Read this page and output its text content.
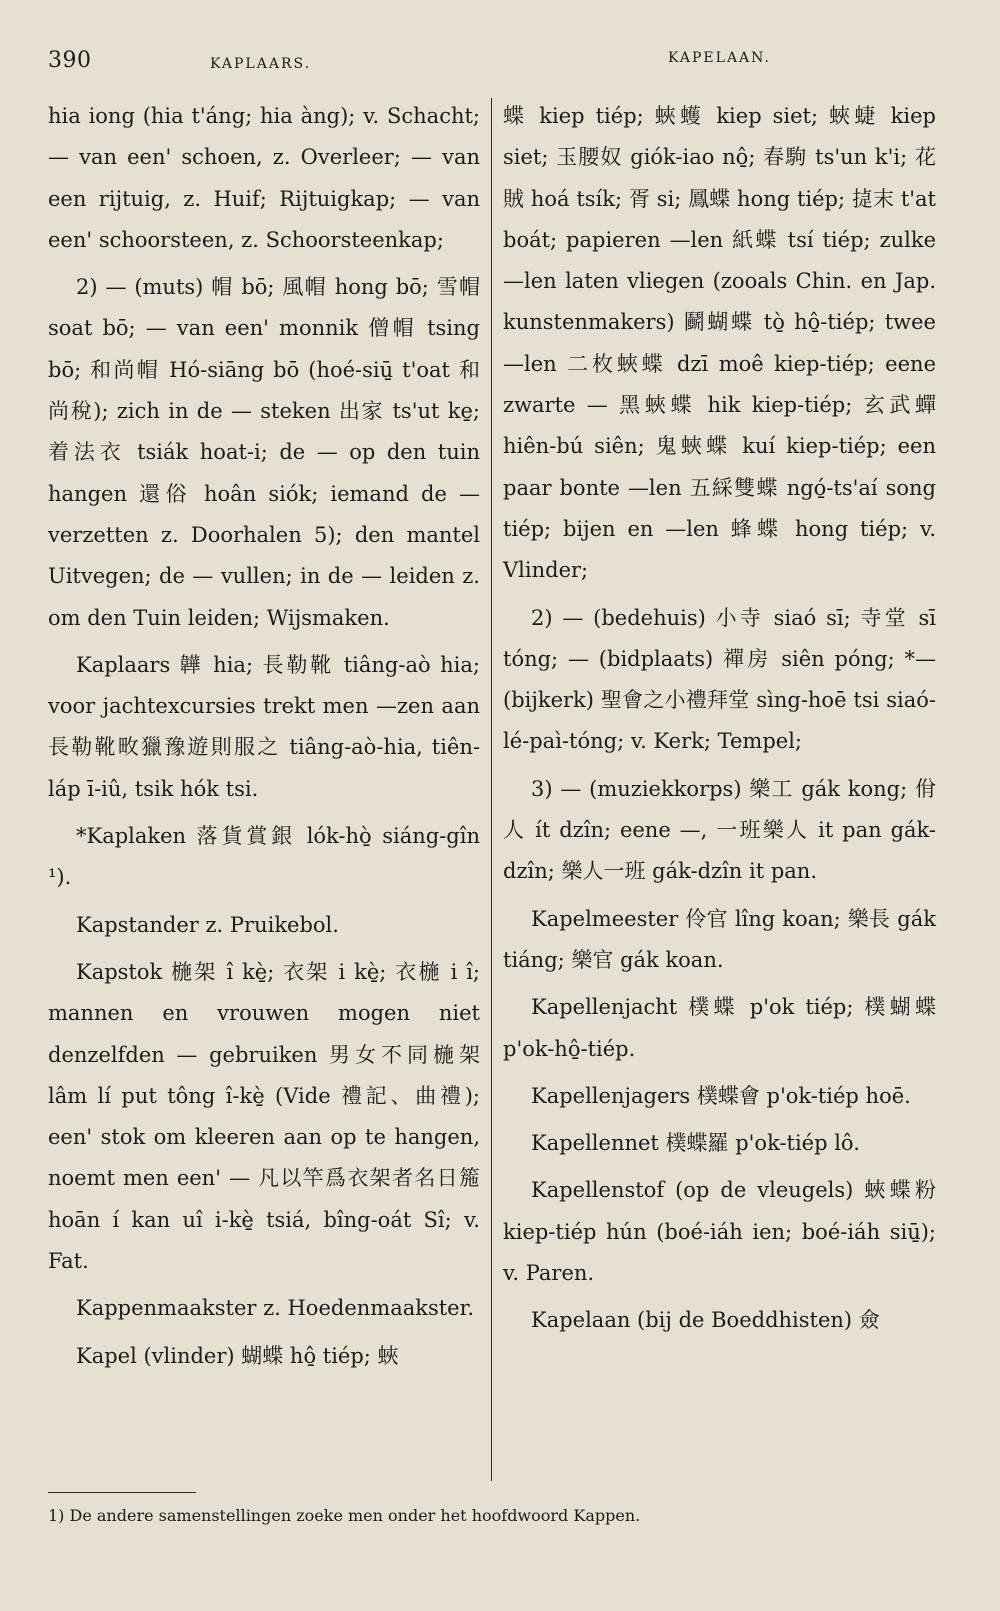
390	KAPLAARS.	KAPELAAN.

hia iong (hia t'áng; hia àng); v. Schacht; — van een' schoen, z. Overleer; — van een rijtuig, z. Huif; Rijtuigkap; — van een' schoorsteen, z. Schoorsteenkap;

2) — (muts) 帽 bō; 風帽 hong bō; 雪帽 soat bō; — van een' monnik 僧帽 tsing bō; 和尚帽 Hó-siāng bō (hoé-siū̱ t'oat 和尚稅); zich in de — steken 出家 ts'ut ke̱; 着法衣 tsiák hoat-i; de — op den tuin hangen 還俗 hoân siók; iemand de — verzetten z. Doorhalen 5); den mantel Uitvegen; de — vullen; in de — leiden z. om den Tuin leiden; Wijsmaken.

Kaplaars 韡 hia; 長勒靴 tiâng-aò hia; voor jachtexcursies trekt men —zen aan 長勒靴畋獵豫遊則服之 tiâng-aò-hia, tiên-láp ī-iû, tsik hók tsi.

*Kaplaken 落貨賞銀 lók-hò̱ siáng-gîn ¹).

Kapstander z. Pruikebol.

Kapstok 椸架 î kè̱; 衣架 i kè̱; 衣椸 i î; mannen en vrouwen mogen niet denzelfden — gebruiken 男女不同椸架 lâm lí put tông î-kè̱ (Vide 禮記、曲禮); een' stok om kleeren aan op te hangen, noemt men een' — 凡以竿爲衣架者名日箷 hoān í kan uî i-kè̱ tsiá, bîng-oát Sî; v. Fat.

Kappenmaakster z. Hoedenmaakster.

Kapel (vlinder) 蝴蝶 hô̱ tiép; 蛺

蝶 kiep tiép; 蛺蠖 kiep siet; 蛺蜨 kiep siet; 玉腰奴 giók-iao nô̱; 春駒 ts'un k'i; 花賊 hoá tsík; 胥 si; 鳳蝶 hong tiép; 㨗末 t'at boát; papieren —len 紙蝶 tsí tiép; zulke —len laten vliegen (zooals Chin. en Jap. kunstenmakers) 鬬蝴蝶 tò̱ hô̱-tiép; twee —len 二枚蛺蝶 dzī moê kiep-tiép; eene zwarte — 黑蛺蝶 hik kiep-tiép; 玄武蟬 hiên-bú siên; 鬼蛺蝶 kuí kiep-tiép; een paar bonte —len 五綵雙蝶 ngó̱-ts'aí song tiép; bijen en —len 蜂蝶 hong tiép; v. Vlinder;

2) — (bedehuis) 小寺 siaó sī; 寺堂 sī tóng; — (bidplaats) 禪房 siên póng; *— (bijkerk) 聖會之小禮拜堂 sìng-hoē tsi siaó-lé-paì-tóng; v. Kerk; Tempel;

3) — (muziekkorps) 樂工 gák kong; 佾人 ít dzîn; eene —, 一班樂人 it pan gák-dzîn; 樂人一班 gák-dzîn it pan.

Kapelmeester 伶官 lîng koan; 樂長 gák tiáng; 樂官 gák koan.

Kapellenjacht 樸蝶 p'ok tiép; 樸蝴蝶 p'ok-hô̱-tiép.

Kapellenjagers 樸蝶會 p'ok-tiép hoē.

Kapellennet 樸蝶羅 p'ok-tiép lô.

Kapellenstof (op de vleugels) 蛺蝶粉 kiep-tiép hún (boé-iáh ien; boé-iáh siū̱); v. Paren.

Kapelaan (bij de Boeddhisten) 僉

1) De andere samenstellingen zoeke men onder het hoofdwoord Kappen.
